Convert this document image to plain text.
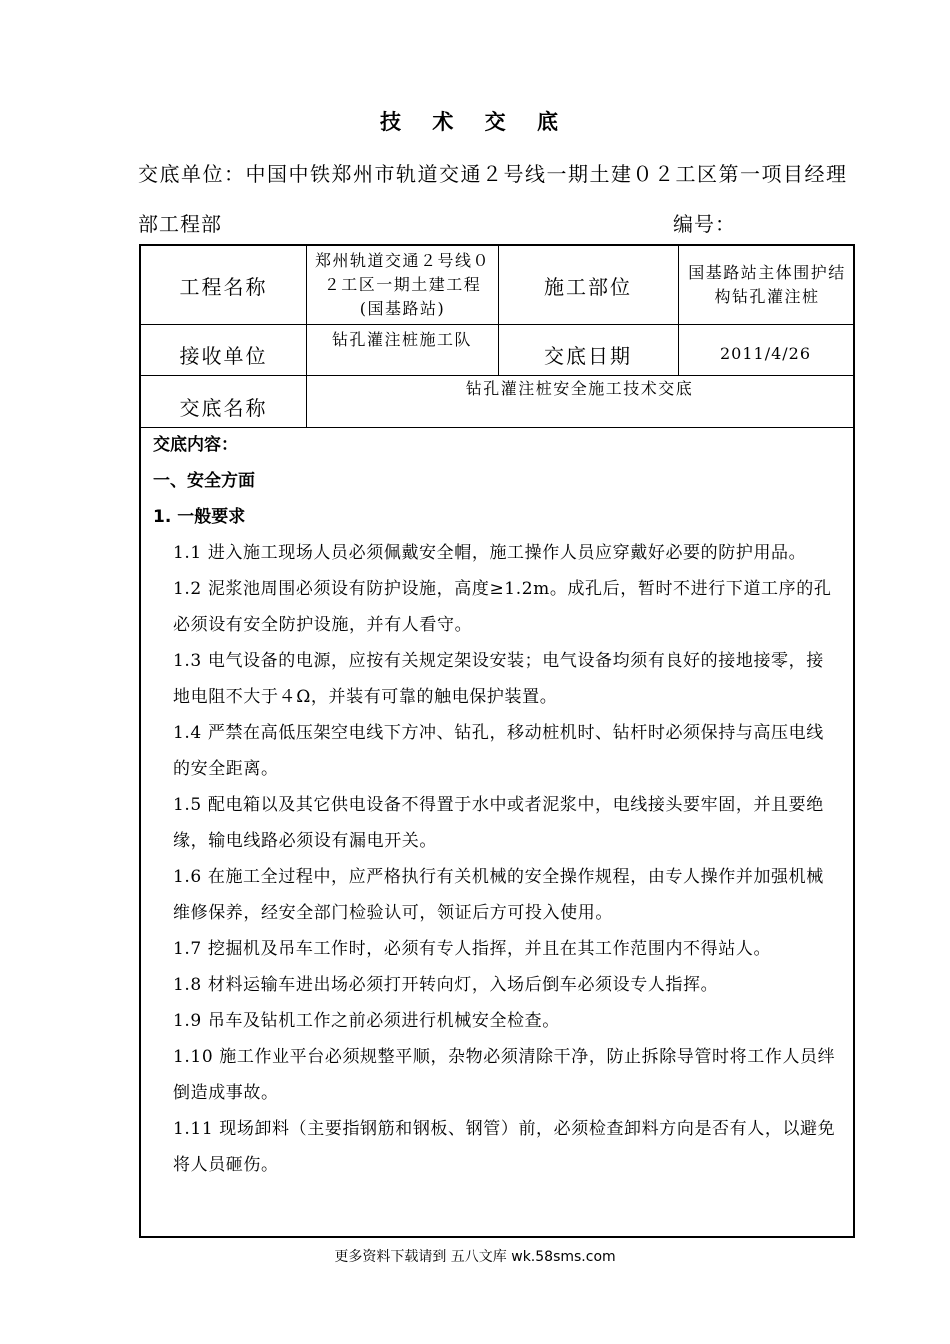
技 术 交 底
交底单位：中国中铁郑州市轨道交通２号线一期土建０２工区第一项目经理
部工程部	编号：
工程名称
郑州轨道交通２号线０２工区一期土建工程(国基路站)
施工部位
国基路站主体围护结构钻孔灌注桩
接收单位
钻孔灌注桩施工队
交底日期	2011/4/26
交底名称
钻孔灌注桩安全施工技术交底
交底内容：
一、安全方面
1. 一般要求
1.1 进入施工现场人员必须佩戴安全帽，施工操作人员应穿戴好必要的防护用品。
1.2 泥浆池周围必须设有防护设施，高度≥1.2m。成孔后，暂时不进行下道工序的孔必须设有安全防护设施，并有人看守。
1.3 电气设备的电源，应按有关规定架设安装；电气设备均须有良好的接地接零，接地电阻不大于４Ω，并装有可靠的触电保护装置。
1.4 严禁在高低压架空电线下方冲、钻孔，移动桩机时、钻杆时必须保持与高压电线的安全距离。
1.5 配电箱以及其它供电设备不得置于水中或者泥浆中，电线接头要牢固，并且要绝缘，输电线路必须设有漏电开关。
1.6 在施工全过程中，应严格执行有关机械的安全操作规程，由专人操作并加强机械维修保养，经安全部门检验认可，领证后方可投入使用。
1.7 挖掘机及吊车工作时，必须有专人指挥，并且在其工作范围内不得站人。
1.8 材料运输车进出场必须打开转向灯，入场后倒车必须设专人指挥。
1.9 吊车及钻机工作之前必须进行机械安全检查。
1.10 施工作业平台必须规整平顺，杂物必须清除干净，防止拆除导管时将工作人员绊倒造成事故。
1.11 现场卸料（主要指钢筋和钢板、钢管）前，必须检查卸料方向是否有人，以避免将人员砸伤。
更多资料下载请到 五八文库 wk.58sms.com
